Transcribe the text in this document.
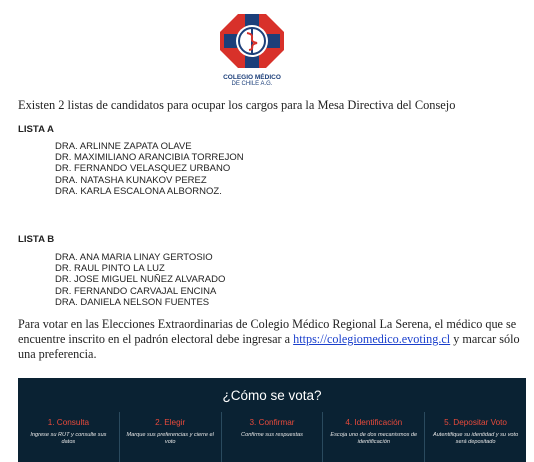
COLEGIO MÉDICO
DE CHILE A.G.
Existen 2 listas de candidatos para ocupar los cargos para la Mesa Directiva del Consejo
LISTA A
DRA. ARLINNE ZAPATA OLAVE
DR. MAXIMILIANO ARANCIBIA TORREJON
DR. FERNANDO VELASQUEZ URBANO
DRA. NATASHA KUNAKOV PEREZ
DRA. KARLA ESCALONA ALBORNOZ.
LISTA B
DRA. ANA MARIA LINAY GERTOSIO
DR. RAUL PINTO LA LUZ
DR. JOSE MIGUEL NUÑEZ ALVARADO
DR. FERNANDO CARVAJAL ENCINA
DRA. DANIELA NELSON FUENTES
Para votar en las Elecciones Extraordinarias de Colegio Médico Regional La Serena, el médico que se encuentre inscrito en el padrón electoral debe ingresar a https://colegiomedico.evoting.cl y marcar sólo una preferencia.
¿Cómo se vota?
1. Consulta
Ingrese su RUT y consulte sus datos
2. Elegir
Marque sus preferencias y cierre el voto
3. Confirmar
Confirme sus respuestas
4. Identificación
Escoja uno de dos mecanismos de identificación
5. Depositar Voto
Autentifique su identidad y su voto será depositado
